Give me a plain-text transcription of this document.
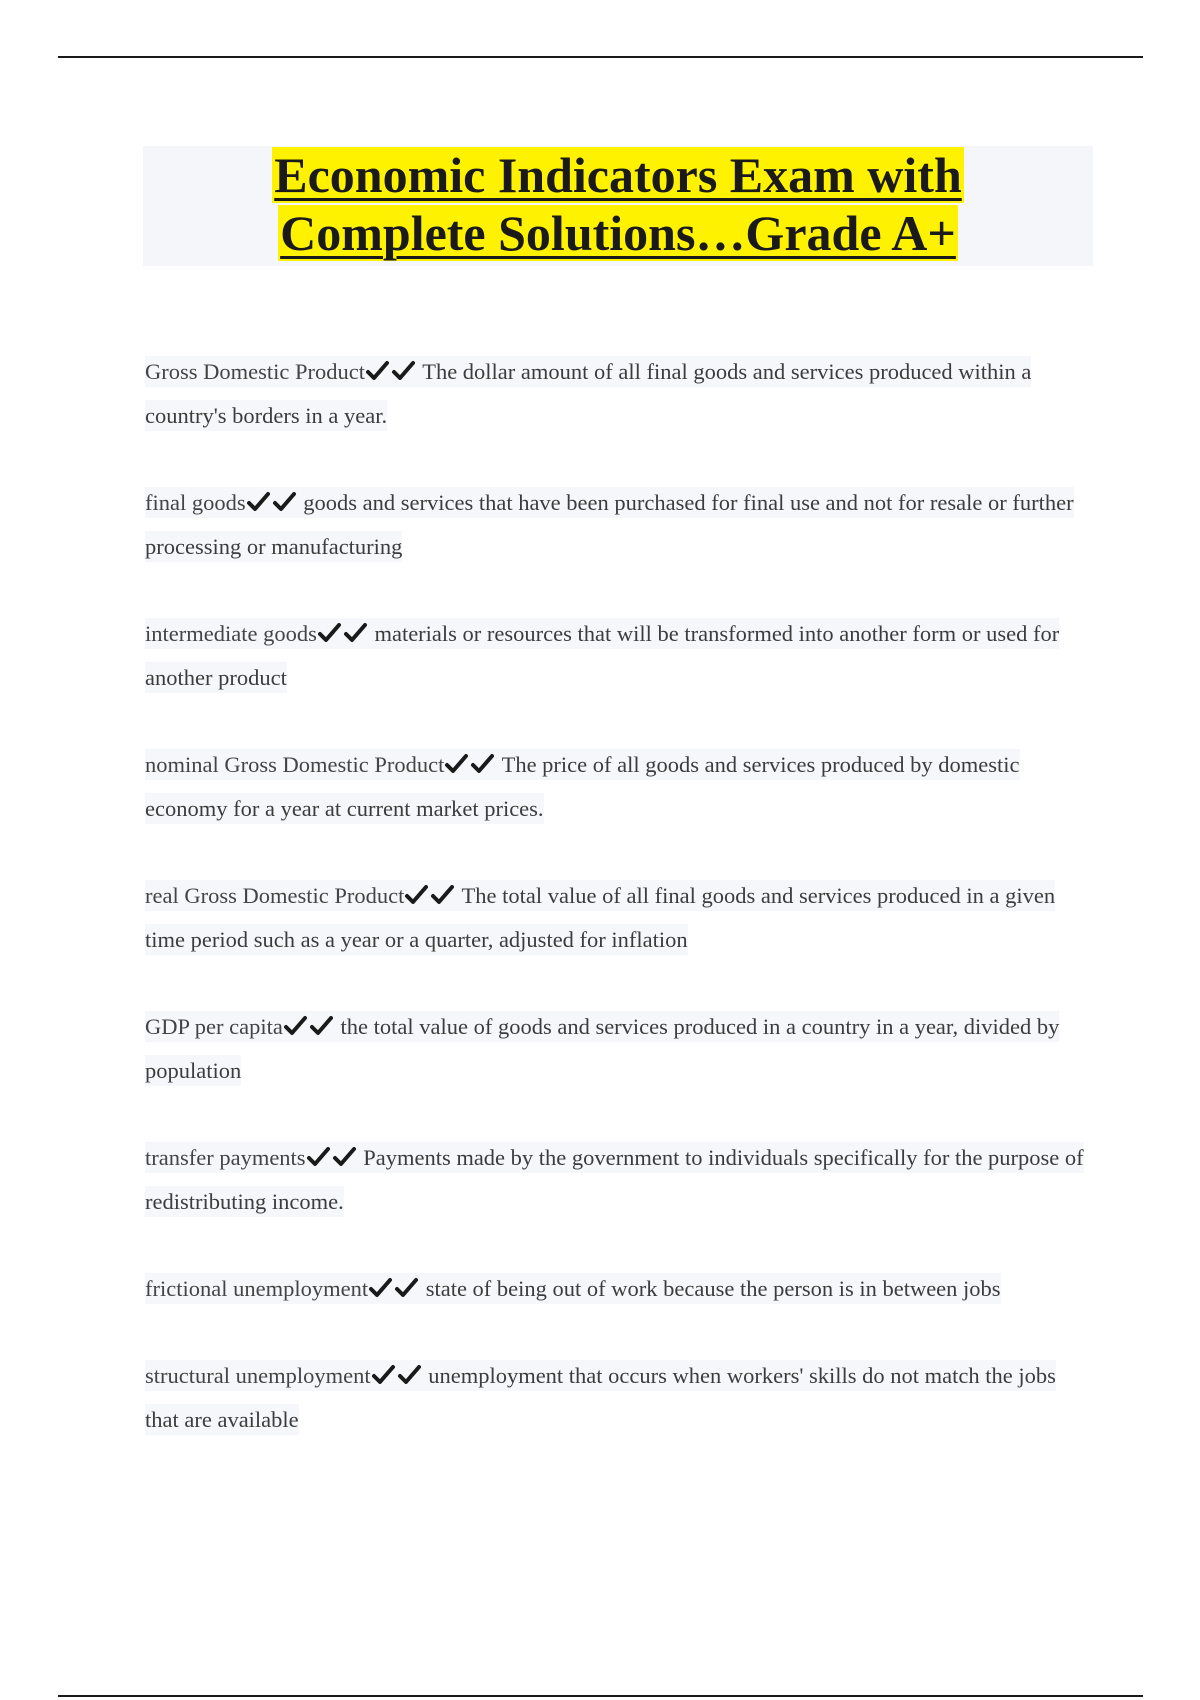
Economic Indicators Exam with
Complete Solutions…Grade A+
Gross Domestic Product	The dollar amount of all final goods and services produced within a country's borders in a year.
final goods	goods and services that have been purchased for final use and not for resale or further processing or manufacturing
intermediate goods	materials or resources that will be transformed into another form or used for another product
nominal Gross Domestic Product	The price of all goods and services produced by domestic economy for a year at current market prices.
real Gross Domestic Product	The total value of all final goods and services produced in a given time period such as a year or a quarter, adjusted for inflation
GDP per capita	the total value of goods and services produced in a country in a year, divided by population
transfer payments	Payments made by the government to individuals specifically for the purpose of redistributing income.
frictional unemployment	state of being out of work because the person is in between jobs
structural unemployment	unemployment that occurs when workers' skills do not match the jobs that are available
